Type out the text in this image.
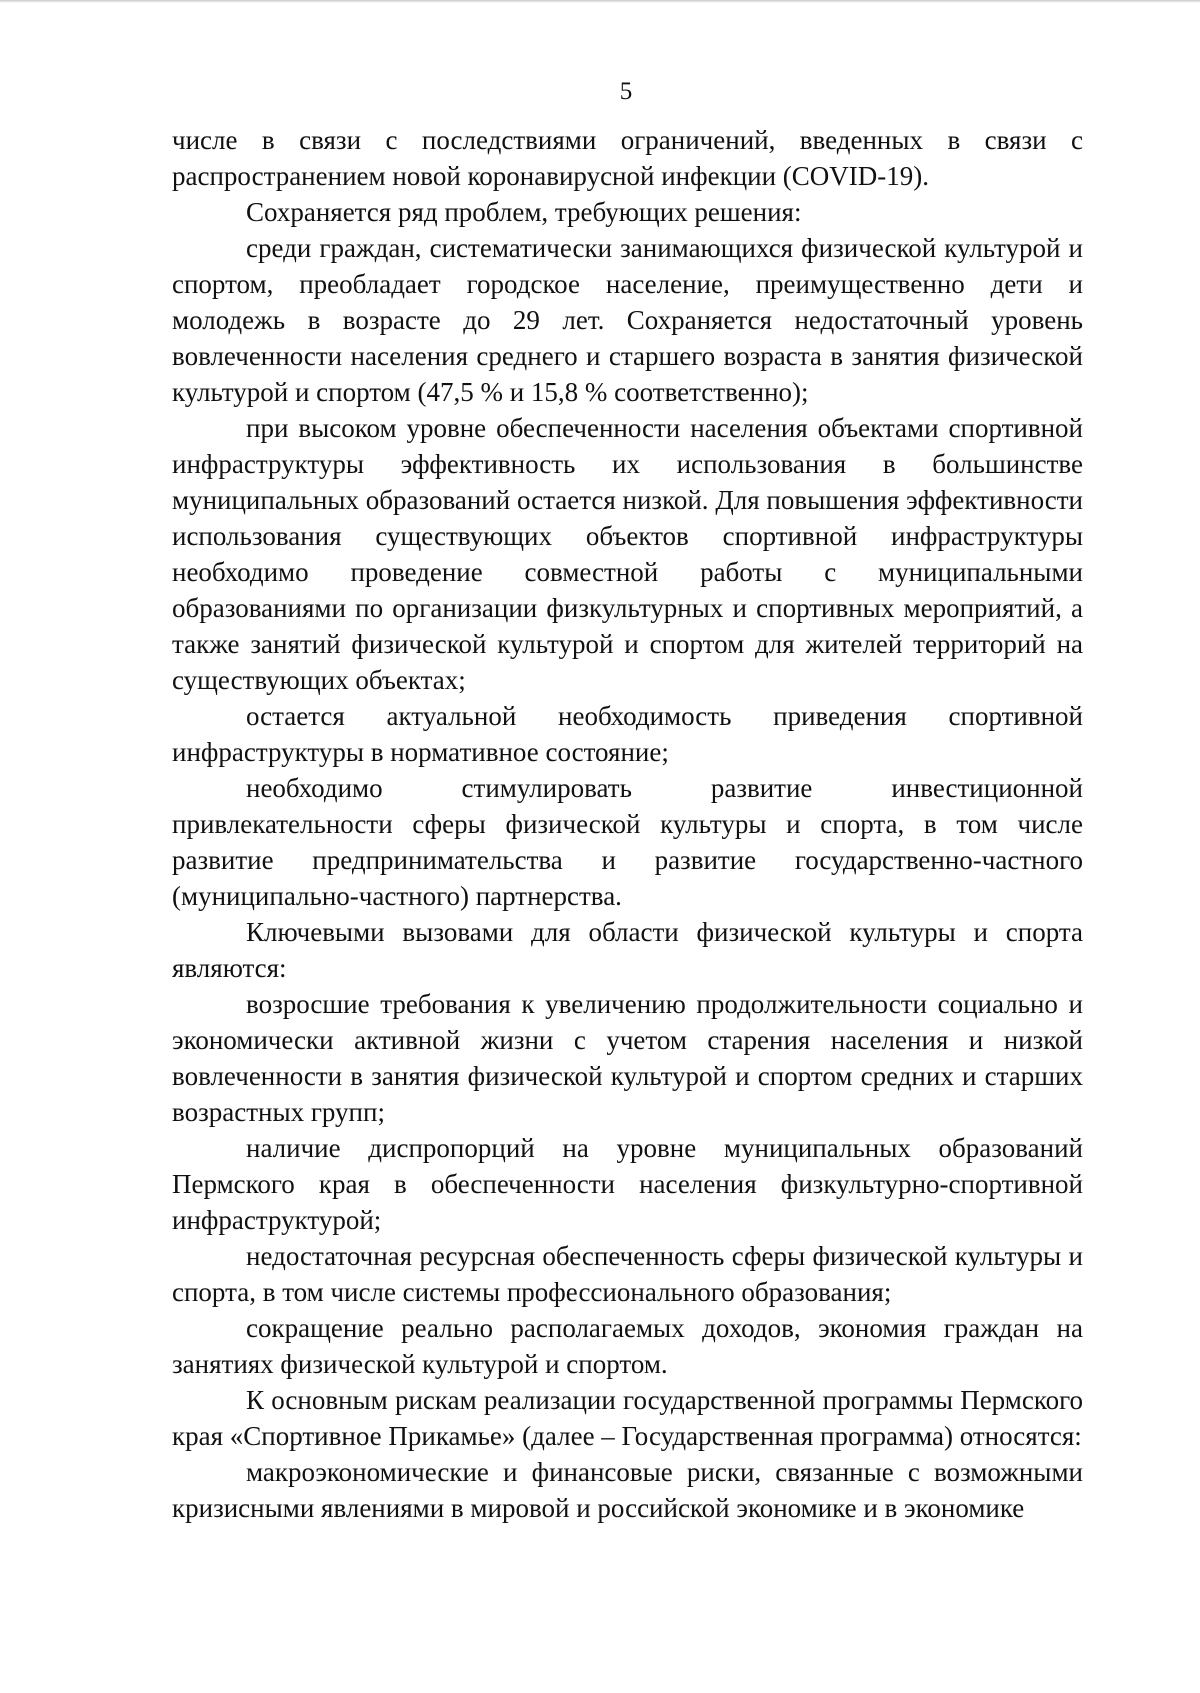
5

числе в связи с последствиями ограничений, введенных в связи с распространением новой коронавирусной инфекции (COVID-19).

Сохраняется ряд проблем, требующих решения:

среди граждан, систематически занимающихся физической культурой и спортом, преобладает городское население, преимущественно дети и молодежь в возрасте до 29 лет. Сохраняется недостаточный уровень вовлеченности населения среднего и старшего возраста в занятия физической культурой и спортом (47,5 % и 15,8 % соответственно);

при высоком уровне обеспеченности населения объектами спортивной инфраструктуры эффективность их использования в большинстве муниципальных образований остается низкой. Для повышения эффективности использования существующих объектов спортивной инфраструктуры необходимо проведение совместной работы с муниципальными образованиями по организации физкультурных и спортивных мероприятий, а также занятий физической культурой и спортом для жителей территорий на существующих объектах;

остается актуальной необходимость приведения спортивной инфраструктуры в нормативное состояние;

необходимо стимулировать развитие инвестиционной привлекательности сферы физической культуры и спорта, в том числе развитие предпринимательства и развитие государственно-частного (муниципально-частного) партнерства.

Ключевыми вызовами для области физической культуры и спорта являются:

возросшие требования к увеличению продолжительности социально и экономически активной жизни с учетом старения населения и низкой вовлеченности в занятия физической культурой и спортом средних и старших возрастных групп;

наличие диспропорций на уровне муниципальных образований Пермского края в обеспеченности населения физкультурно-спортивной инфраструктурой;

недостаточная ресурсная обеспеченность сферы физической культуры и спорта, в том числе системы профессионального образования;

сокращение реально располагаемых доходов, экономия граждан на занятиях физической культурой и спортом.

К основным рискам реализации государственной программы Пермского края «Спортивное Прикамье» (далее – Государственная программа) относятся:

макроэкономические и финансовые риски, связанные с возможными кризисными явлениями в мировой и российской экономике и в экономике
